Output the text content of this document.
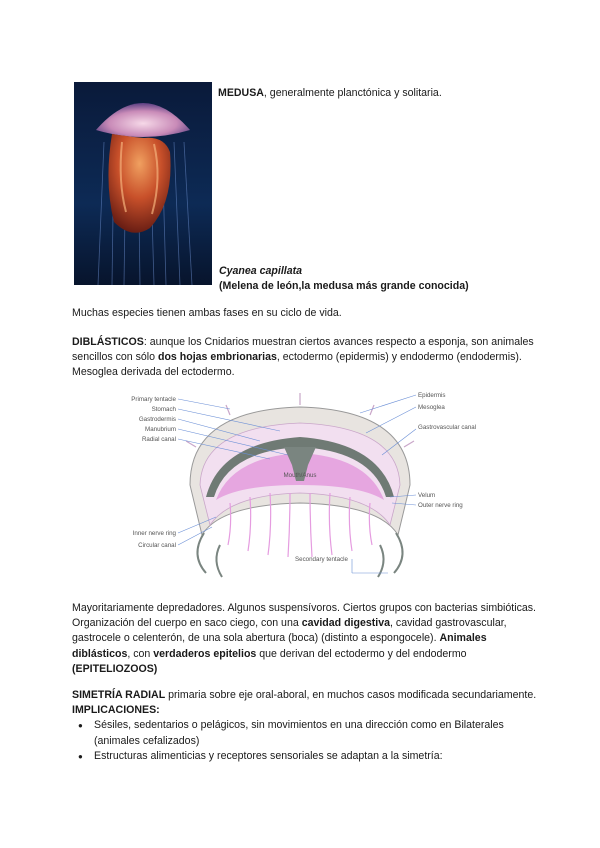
MEDUSA, generalmente planctónica y solitaria.

Cyanea capillata
(Melena de león,la medusa más grande conocida)

Muchas especies tienen ambas fases en su ciclo de vida.

DIBLÁSTICOS: aunque los Cnidarios muestran ciertos avances respecto a esponja, son animales sencillos con sólo dos hojas embrionarias, ectodermo (epidermis) y endodermo (endodermis). Mesoglea derivada del ectodermo.

Primary tentacle
Stomach
Gastrodermis
Manubrium
Radial canal
Epidermis
Mesoglea
Gastrovascular canal
Velum
Outer nerve ring
Inner nerve ring
Circular canal
Secondary tentacle
Mouth/Anus

Mayoritariamente depredadores. Algunos suspensívoros. Ciertos grupos con bacterias simbióticas. Organización del cuerpo en saco ciego, con una cavidad digestiva, cavidad gastrovascular, gastrocele o celenterón, de una sola abertura (boca) (distinto a espongocele). Animales diblásticos, con verdaderos epitelios que derivan del ectodermo y del endodermo (EPITELIOZOOS)

SIMETRÍA RADIAL primaria sobre eje oral-aboral, en muchos casos modificada secundariamente. IMPLICACIONES:

● Sésiles, sedentarios o pelágicos, sin movimientos en una dirección como en Bilaterales (animales cefalizados)
● Estructuras alimenticias y receptores sensoriales se adaptan a la simetría:
